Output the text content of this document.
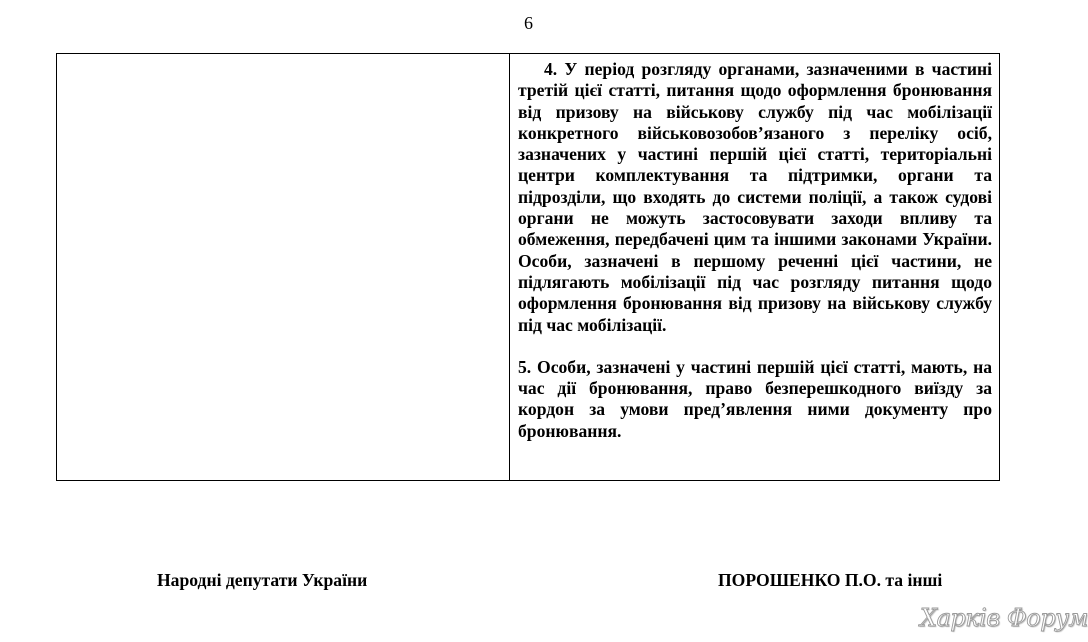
6

4. У період розгляду органами, зазначеними в частині третій цієї статті, питання щодо оформлення бронювання від призову на військову службу під час мобілізації конкретного військовозобов’язаного з переліку осіб, зазначених у частині першій цієї статті, територіальні центри комплектування та підтримки, органи та підрозділи, що входять до системи поліції, а також судові органи не можуть застосовувати заходи впливу та обмеження, передбачені цим та іншими законами України. Особи, зазначені в першому реченні цієї частини, не підлягають мобілізації під час розгляду питання щодо оформлення бронювання від призову на військову службу під час мобілізації.

5. Особи, зазначені у частині першій цієї статті, мають, на час дії бронювання, право безперешкодного виїзду за кордон за умови пред’явлення ними документу про бронювання.

Народні депутати України	ПОРОШЕНКО П.О. та інші
Харків Форум
